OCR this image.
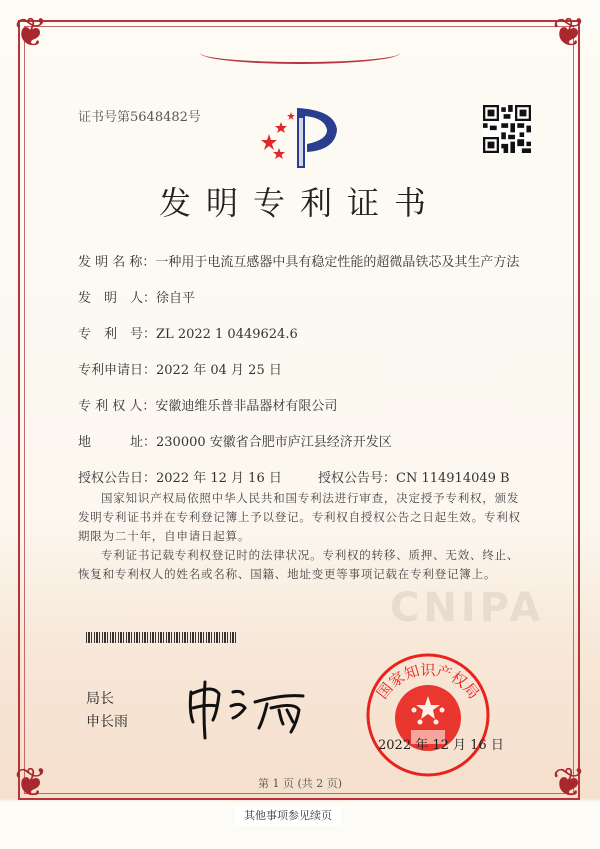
CNIPA
❦	❦
❦	❦
证书号第5648482号
发明专利证书
发 明 名 称：一种用于电流互感器中具有稳定性能的超微晶铁芯及其生产方法
发　明　人：徐自平
专　利　号：ZL 2022 1 0449624.6
专利申请日：2022 年 04 月 25 日
专 利 权 人：安徽迪维乐普非晶器材有限公司
地　　　址：230000 安徽省合肥市庐江县经济开发区
授权公告日：2022 年 12 月 16 日	授权公告号：CN 114914049 B
国家知识产权局依照中华人民共和国专利法进行审查，决定授予专利权，颁发发明专利证书并在专利登记簿上予以登记。专利权自授权公告之日起生效。专利权期限为二十年，自申请日起算。
专利证书记载专利权登记时的法律状况。专利权的转移、质押、无效、终止、恢复和专利权人的姓名或名称、国籍、地址变更等事项记载在专利登记簿上。
局长
申长雨
国家知识产权局
2022 年 12 月 16 日
第 1 页 (共 2 页)
其他事项参见续页
